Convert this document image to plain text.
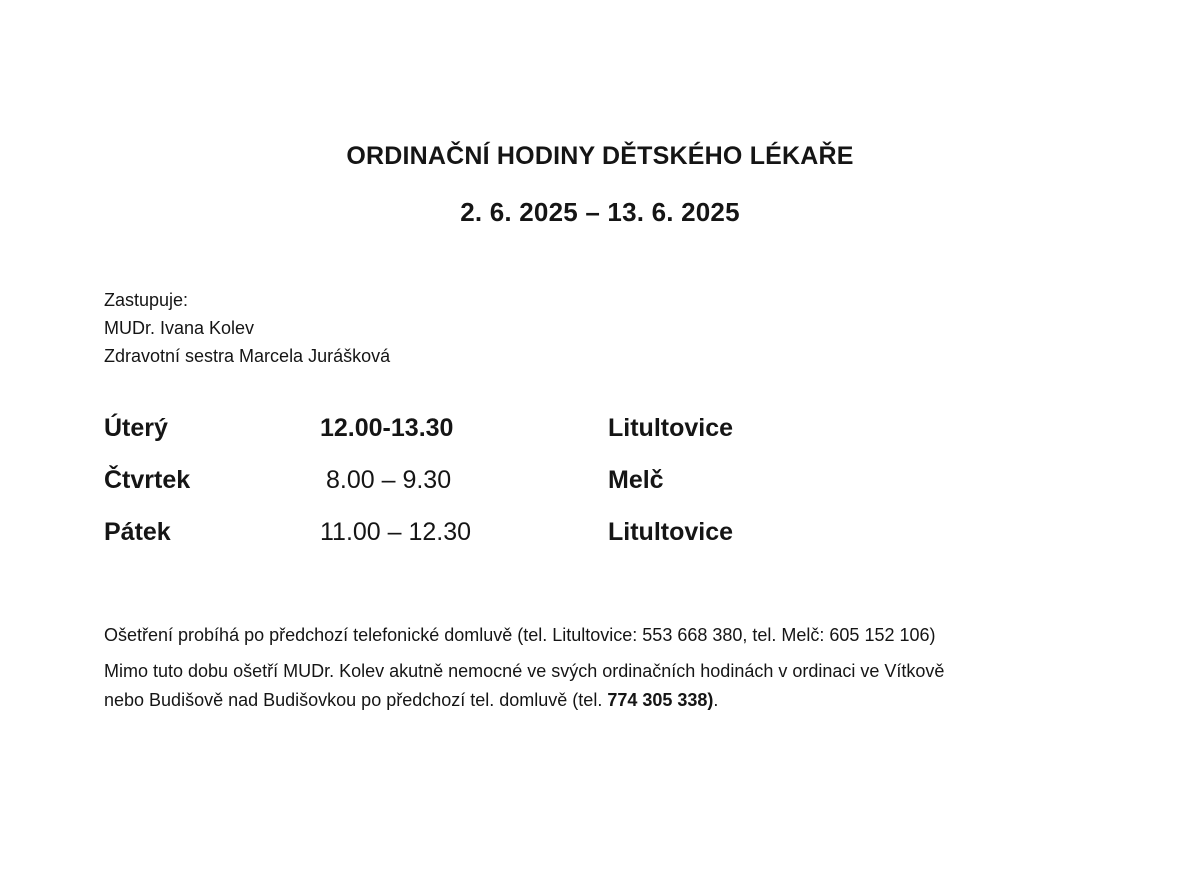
ORDINAČNÍ HODINY DĚTSKÉHO LÉKAŘE
2. 6. 2025 – 13. 6. 2025
Zastupuje:
MUDr. Ivana Kolev
Zdravotní sestra Marcela Jurášková
Úterý	12.00-13.30	Litultovice
Čtvrtek	8.00 – 9.30	Melč
Pátek	11.00 – 12.30	Litultovice
Ošetření probíhá po předchozí telefonické domluvě (tel. Litultovice: 553 668 380, tel. Melč: 605 152 106)
Mimo tuto dobu ošetří MUDr. Kolev akutně nemocné ve svých ordinačních hodinách v ordinaci ve Vítkově
nebo Budišově nad Budišovkou po předchozí tel. domluvě (tel. 774 305 338).
